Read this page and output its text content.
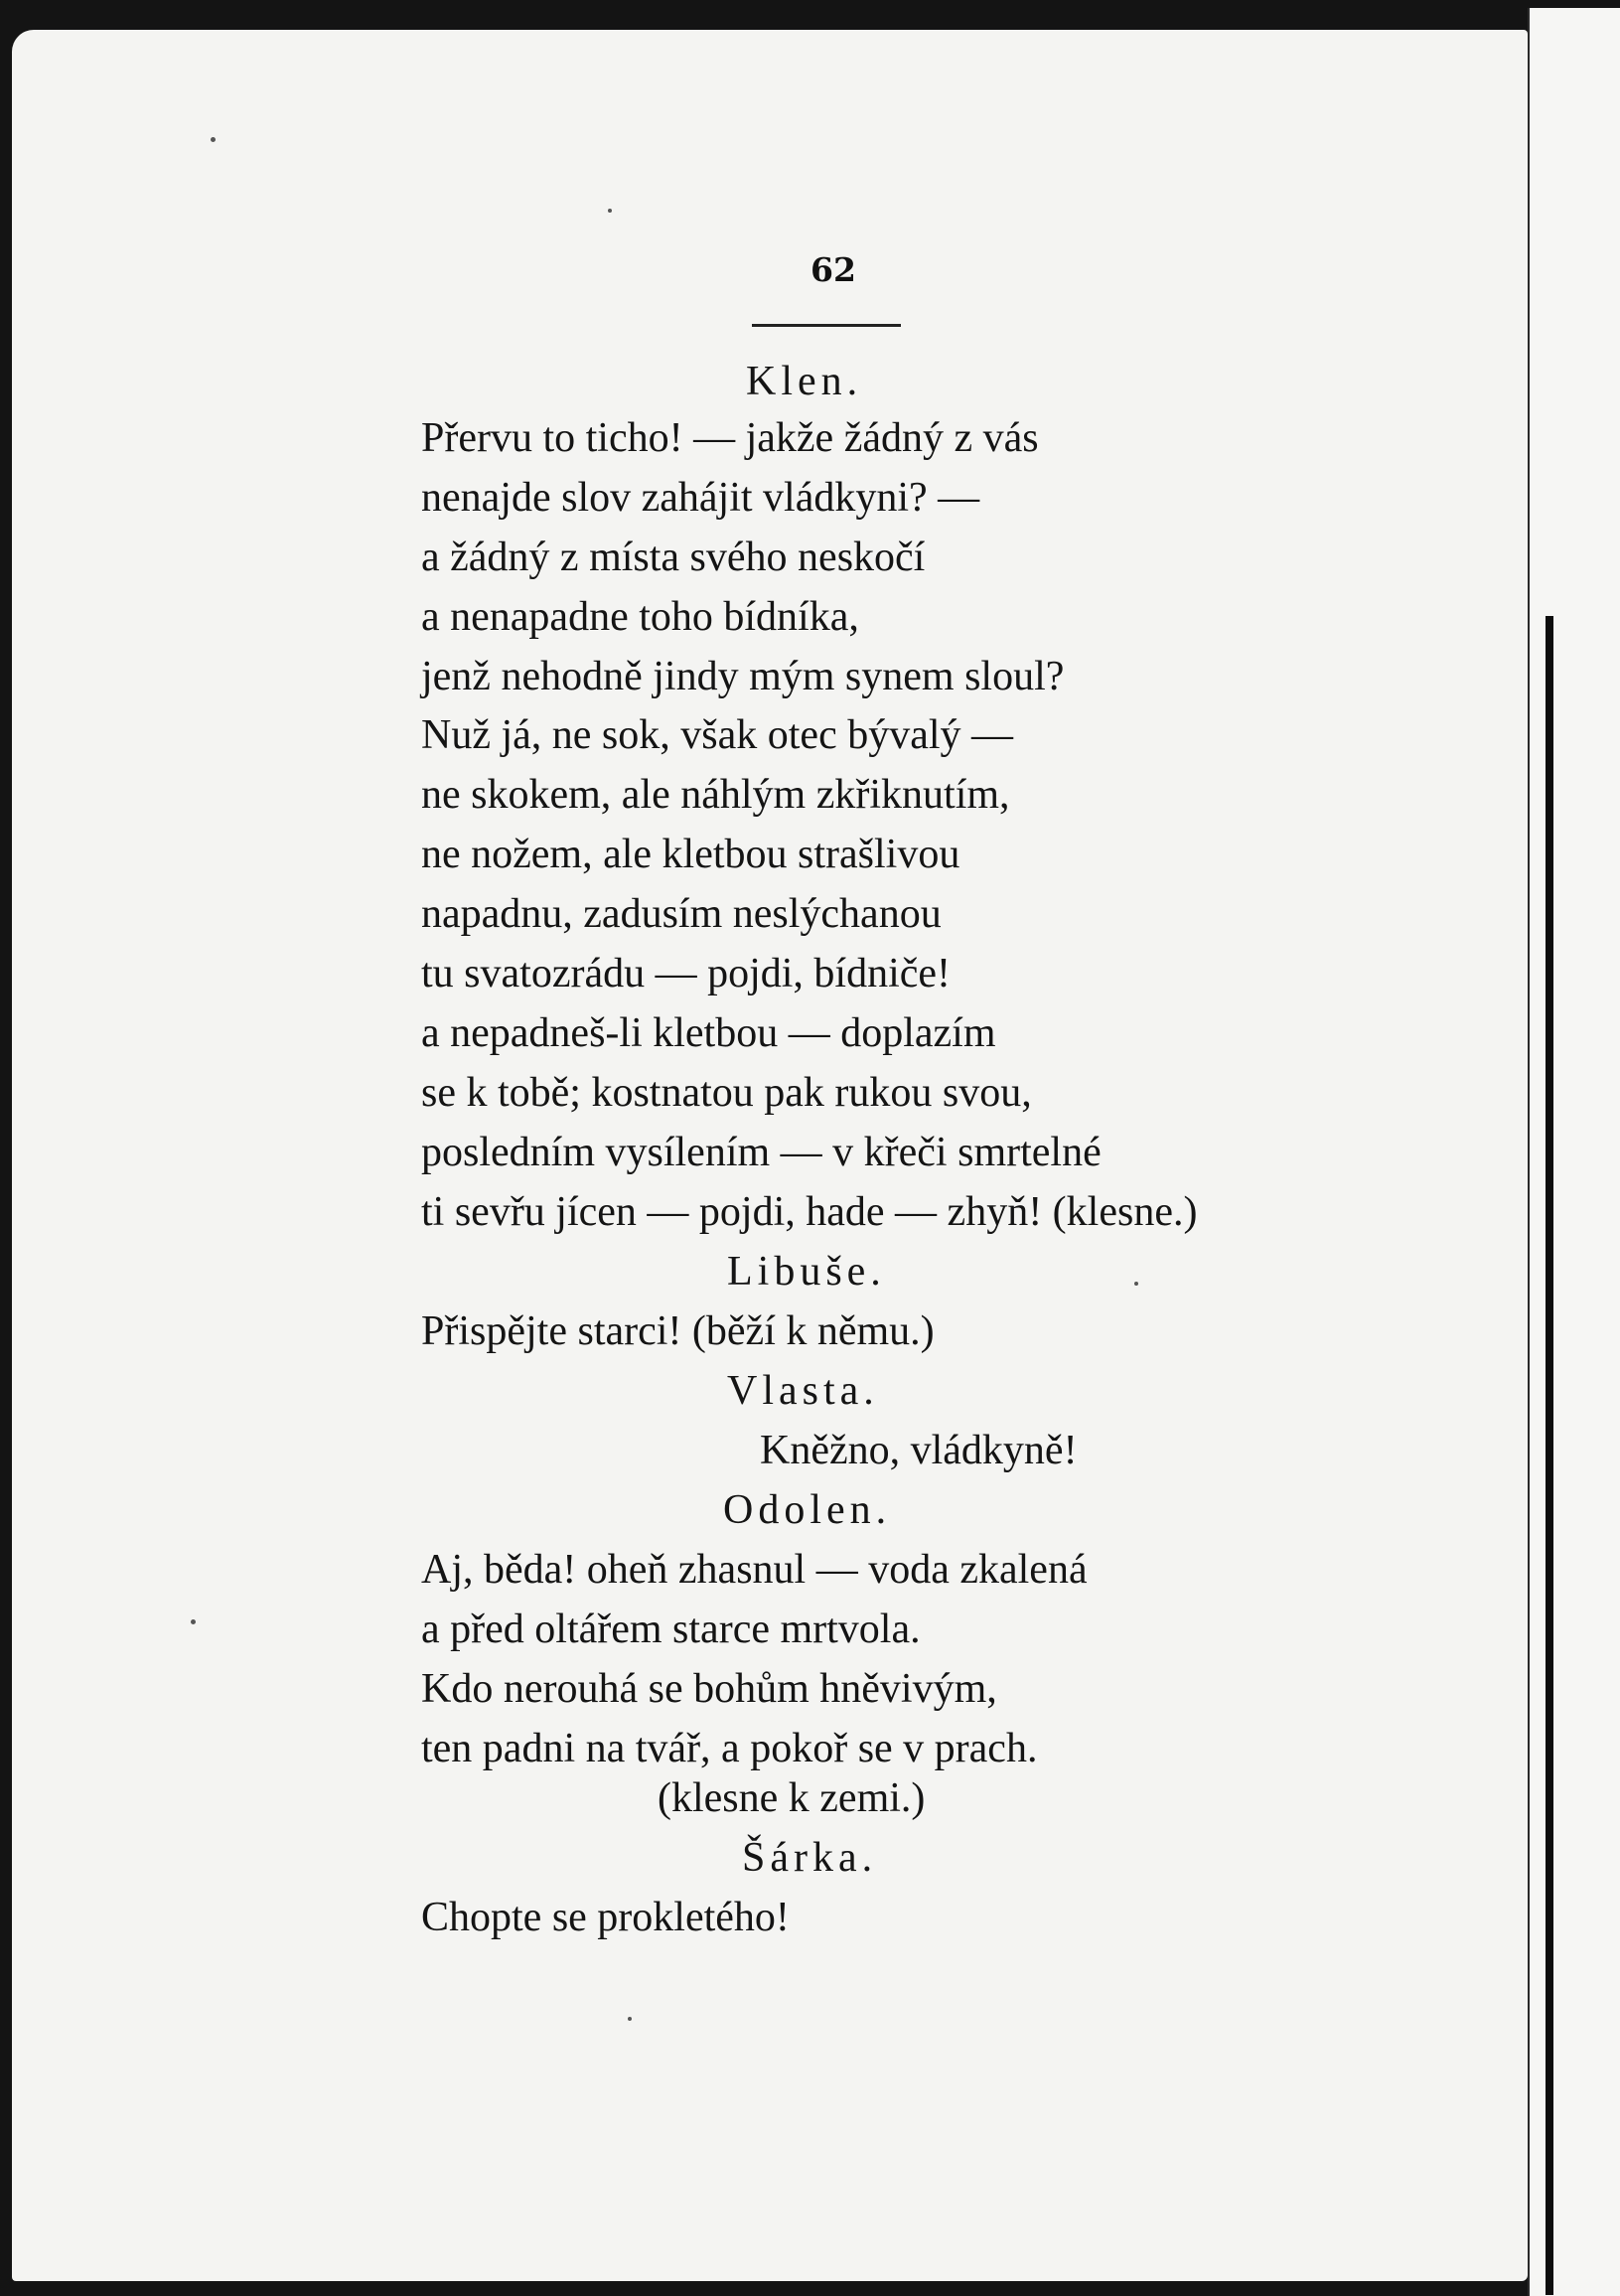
62
Klen.
Přervu to ticho! — jakže žádný z vás
nenajde slov zahájit vládkyni? —
a žádný z místa svého neskočí
a nenapadne toho bídníka,
jenž nehodně jindy mým synem sloul?
Nuž já, ne sok, však otec bývalý —
ne skokem, ale náhlým zkřiknutím,
ne nožem, ale kletbou strašlivou
napadnu, zadusím neslýchanou
tu svatozrádu — pojdi, bídniče!
a nepadneš-li kletbou — doplazím
se k tobě; kostnatou pak rukou svou,
posledním vysílením — v křeči smrtelné
ti sevřu jícen — pojdi, hade — zhyň! (klesne.)
Libuše.
Přispějte starci! (běží k němu.)
Vlasta.
Kněžno, vládkyně!
Odolen.
Aj, běda! oheň zhasnul — voda zkalená
a před oltářem starce mrtvola.
Kdo nerouhá se bohům hněvivým,
ten padni na tvář, a pokoř se v prach.
(klesne k zemi.)
Šárka.
Chopte se prokletého!
